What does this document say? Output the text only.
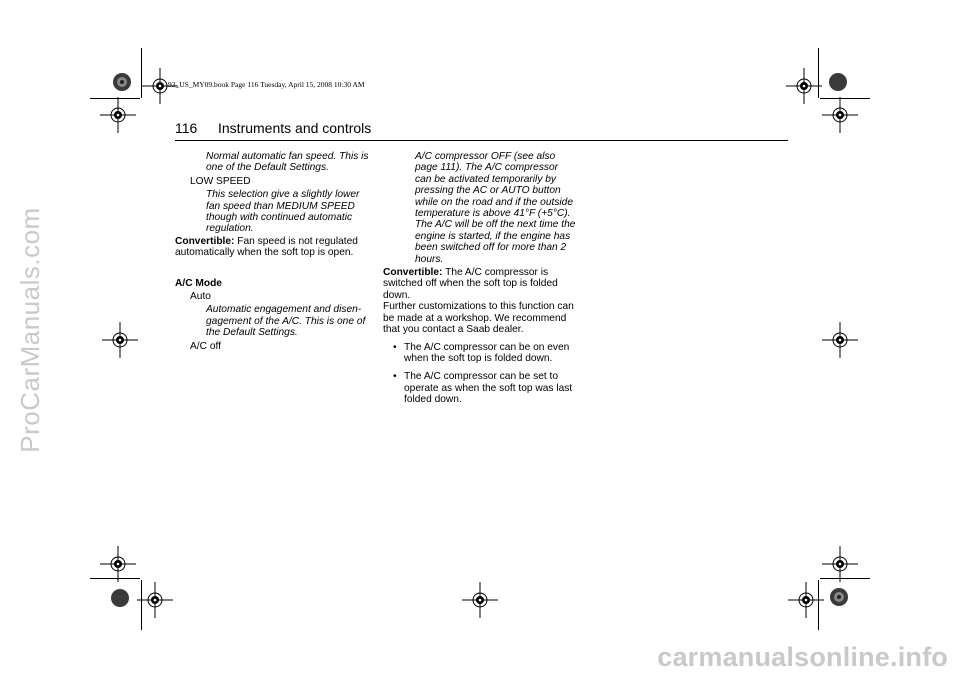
ProCarManuals.com
carmanualsonline.info
93_US_MY09.book Page 116 Tuesday, April 15, 2008 10:30 AM
116 Instruments and controls

Normal automatic fan speed. This is one of the Default Settings.

LOW SPEED

This selection give a slightly lower fan speed than MEDIUM SPEED though with continued automatic regulation.

Convertible: Fan speed is not regulated automatically when the soft top is open.

A/C Mode

Auto

Automatic engagement and disen-gagement of the A/C. This is one of the Default Settings.

A/C off

A/C compressor OFF (see also page 111). The A/C compressor can be activated temporarily by pressing the AC or AUTO button while on the road and if the outside temperature is above 41°F (+5°C). The A/C will be off the next time the engine is started, if the engine has been switched off for more than 2 hours.

Convertible: The A/C compressor is switched off when the soft top is folded down.

Further customizations to this function can be made at a workshop. We recommend that you contact a Saab dealer.

• The A/C compressor can be on even when the soft top is folded down.
• The A/C compressor can be set to operate as when the soft top was last folded down.
